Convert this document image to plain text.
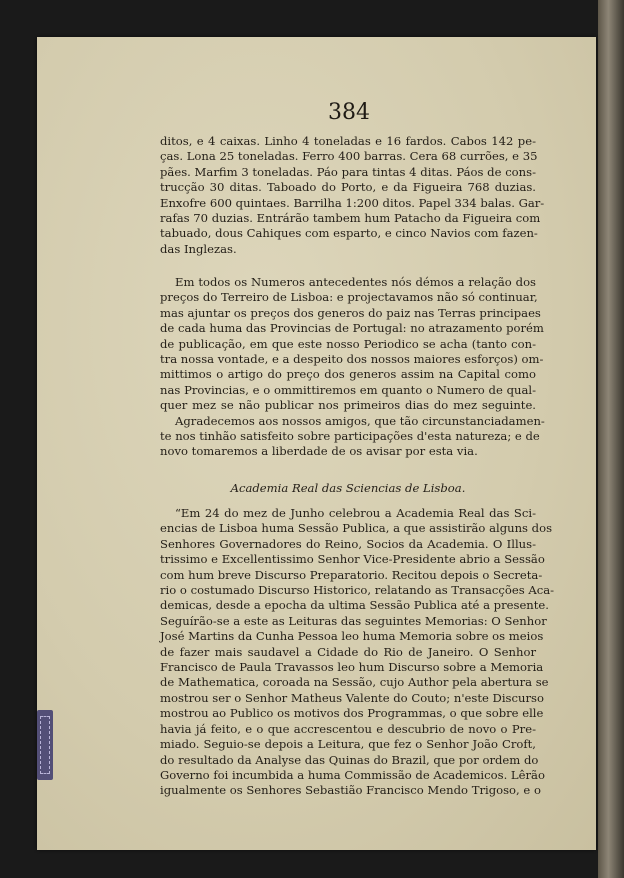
384
ditos, e 4 caixas. Linho 4 toneladas e 16 fardos. Cabos 142 pe-
ças. Lona 25 toneladas. Ferro 400 barras. Cera 68 currões, e 35
pães. Marfim 3 toneladas. Páo para tintas 4 ditas. Páos de cons-
trucção 30 ditas. Taboado do Porto, e da Figueira 768 duzias.
Enxofre 600 quintaes. Barrilha 1:200 ditos. Papel 334 balas. Gar-
rafas 70 duzias. Entrárão tambem hum Patacho da Figueira com
tabuado, dous Cahiques com esparto, e cinco Navios com fazen-
das Inglezas.
Em todos os Numeros antecedentes nós démos a relação dos
preços do Terreiro de Lisboa: e projectavamos não só continuar,
mas ajuntar os preços dos generos do paiz nas Terras principaes
de cada huma das Provincias de Portugal: no atrazamento porém
de publicação, em que este nosso Periodico se acha (tanto con-
tra nossa vontade, e a despeito dos nossos maiores esforços) om-
mittimos o artigo do preço dos generos assim na Capital como
nas Provincias, e o ommittiremos em quanto o Numero de qual-
quer mez se não publicar nos primeiros dias do mez seguinte.
Agradecemos aos nossos amigos, que tão circunstanciadamen-
te nos tinhão satisfeito sobre participações d'esta natureza; e de
novo tomaremos a liberdade de os avisar por esta via.
Academia Real das Sciencias de Lisboa.
“Em 24 do mez de Junho celebrou a Academia Real das Sci-
encias de Lisboa huma Sessão Publica, a que assistirão alguns dos
Senhores Governadores do Reino, Socios da Academia. O Illus-
trissimo e Excellentissimo Senhor Vice-Presidente abrio a Sessão
com hum breve Discurso Preparatorio. Recitou depois o Secreta-
rio o costumado Discurso Historico, relatando as Transacções Aca-
demicas, desde a epocha da ultima Sessão Publica até a presente.
Seguírão-se a este as Leituras das seguintes Memorias: O Senhor
José Martins da Cunha Pessoa leo huma Memoria sobre os meios
de fazer mais saudavel a Cidade do Rio de Janeiro. O Senhor
Francisco de Paula Travassos leo hum Discurso sobre a Memoria
de Mathematica, coroada na Sessão, cujo Author pela abertura se
mostrou ser o Senhor Matheus Valente do Couto; n'este Discurso
mostrou ao Publico os motivos dos Programmas, o que sobre elle
havia já feito, e o que accrescentou e descubrio de novo o Pre-
miado. Seguio-se depois a Leitura, que fez o Senhor João Croft,
do resultado da Analyse das Quinas do Brazil, que por ordem do
Governo foi incumbida a huma Commissão de Academicos. Lêrão
igualmente os Senhores Sebastião Francisco Mendo Trigoso, e o
